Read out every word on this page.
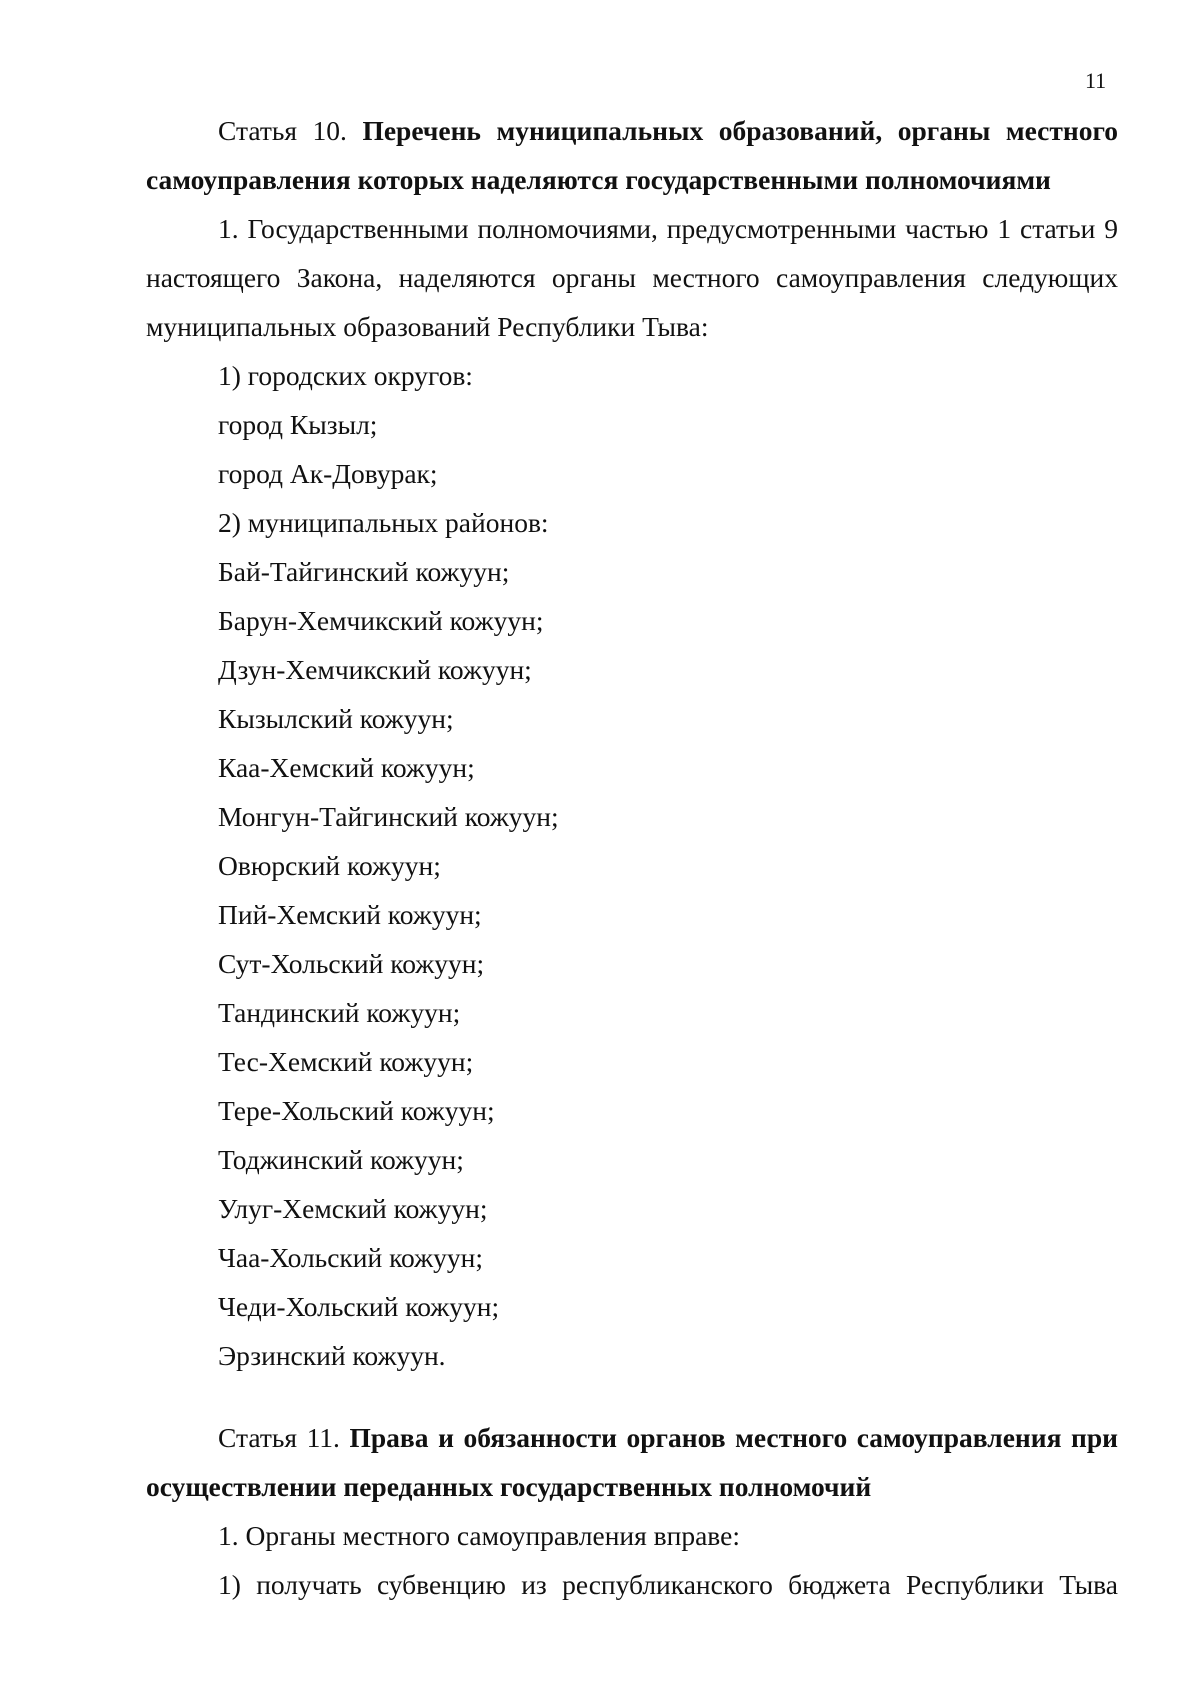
11

Статья 10. Перечень муниципальных образований, органы местного самоуправления которых наделяются государственными полномочиями

1. Государственными полномочиями, предусмотренными частью 1 статьи 9 настоящего Закона, наделяются органы местного самоуправления следующих муниципальных образований Республики Тыва:

1) городских округов:
город Кызыл;
город Ак-Довурак;
2) муниципальных районов:
Бай-Тайгинский кожуун;
Барун-Хемчикский кожуун;
Дзун-Хемчикский кожуун;
Кызылский кожуун;
Каа-Хемский кожуун;
Монгун-Тайгинский кожуун;
Овюрский кожуун;
Пий-Хемский кожуун;
Сут-Хольский кожуун;
Тандинский кожуун;
Тес-Хемский кожуун;
Тере-Хольский кожуун;
Тоджинский кожуун;
Улуг-Хемский кожуун;
Чаа-Хольский кожуун;
Чеди-Хольский кожуун;
Эрзинский кожуун.

Статья 11. Права и обязанности органов местного самоуправления при осуществлении переданных государственных полномочий

1. Органы местного самоуправления вправе:
1) получать субвенцию из республиканского бюджета Республики Тыва
